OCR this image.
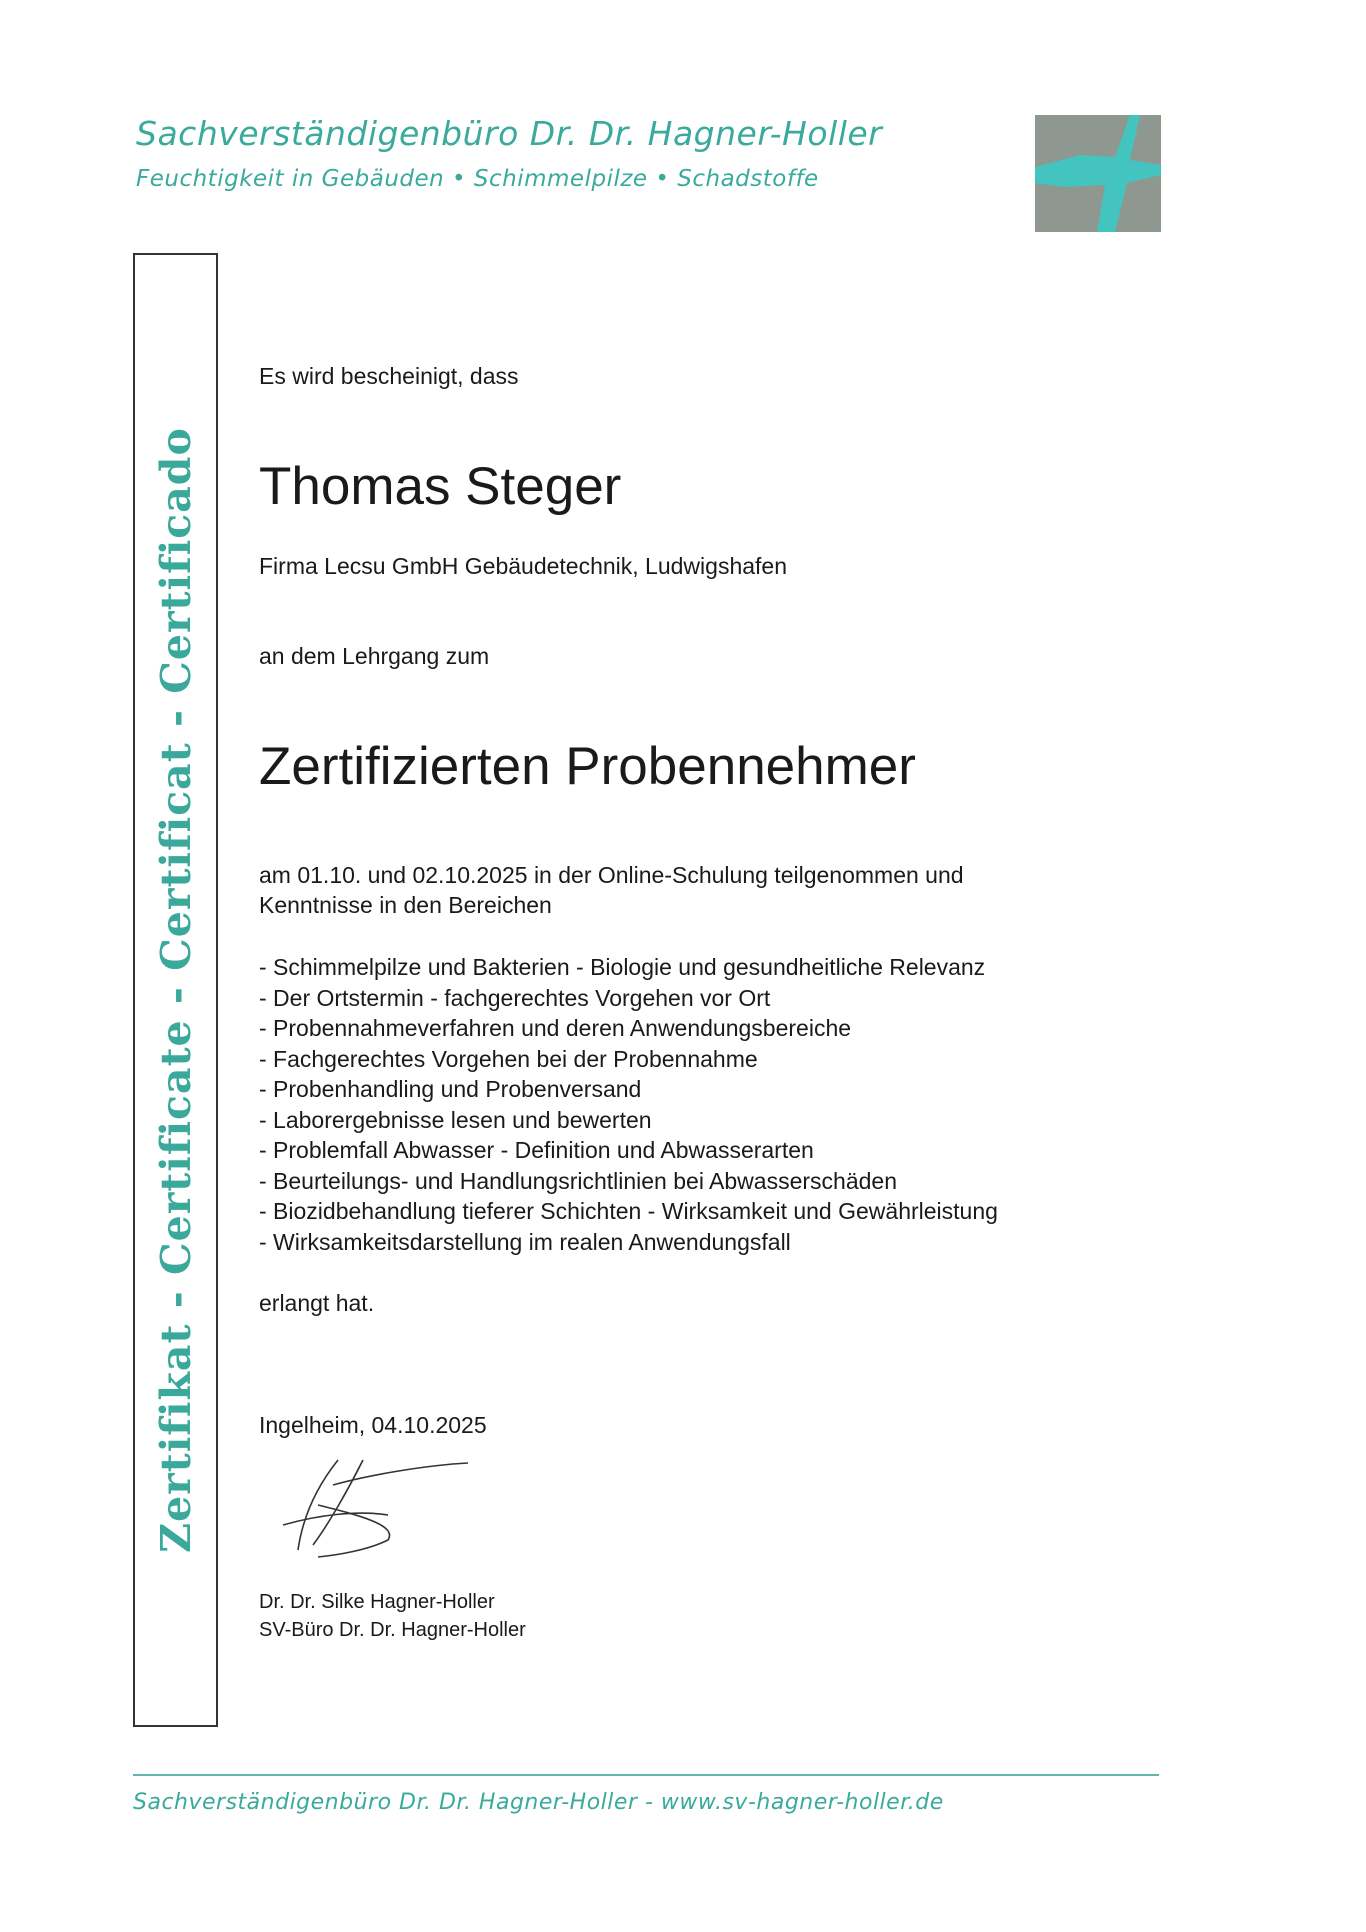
Sachverständigenbüro Dr. Dr. Hagner-Holler
Feuchtigkeit in Gebäuden • Schimmelpilze • Schadstoffe
Zertifikat - Certificate - Certificat - Certificado
Es wird bescheinigt, dass
Thomas Steger
Firma Lecsu GmbH Gebäudetechnik, Ludwigshafen
an dem Lehrgang zum
Zertifizierten Probennehmer
am 01.10. und 02.10.2025 in der Online-Schulung teilgenommen und
Kenntnisse in den Bereichen
- Schimmelpilze und Bakterien - Biologie und gesundheitliche Relevanz
- Der Ortstermin - fachgerechtes Vorgehen vor Ort
- Probennahmeverfahren und deren Anwendungsbereiche
- Fachgerechtes Vorgehen bei der Probennahme
- Probenhandling und Probenversand
- Laborergebnisse lesen und bewerten
- Problemfall Abwasser - Definition und Abwasserarten
- Beurteilungs- und Handlungsrichtlinien bei Abwasserschäden
- Biozidbehandlung tieferer Schichten - Wirksamkeit und Gewährleistung
- Wirksamkeitsdarstellung im realen Anwendungsfall
erlangt hat.
Ingelheim, 04.10.2025
Dr. Dr. Silke Hagner-Holler
SV-Büro Dr. Dr. Hagner-Holler
Sachverständigenbüro Dr. Dr. Hagner-Holler - www.sv-hagner-holler.de
